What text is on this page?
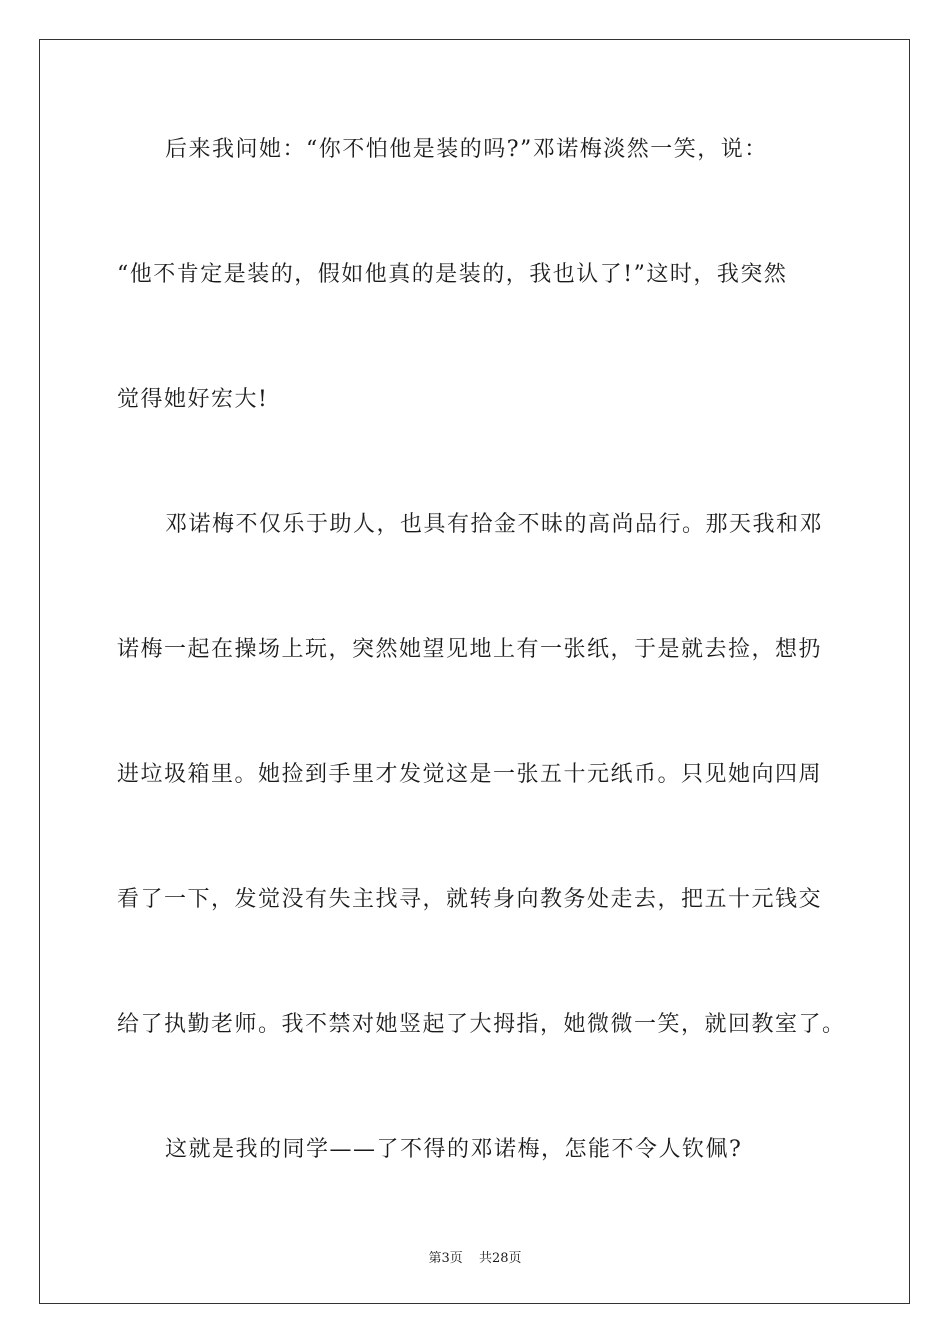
后来我问她：“你不怕他是装的吗?”邓诺梅淡然一笑，说：
“他不肯定是装的，假如他真的是装的，我也认了!”这时，我突然
觉得她好宏大!
邓诺梅不仅乐于助人，也具有拾金不昧的高尚品行。那天我和邓
诺梅一起在操场上玩，突然她望见地上有一张纸，于是就去捡，想扔
进垃圾箱里。她捡到手里才发觉这是一张五十元纸币。只见她向四周
看了一下，发觉没有失主找寻，就转身向教务处走去，把五十元钱交
给了执勤老师。我不禁对她竖起了大拇指，她微微一笑，就回教室了。
这就是我的同学——了不得的邓诺梅，怎能不令人钦佩?
第3页 共28页
